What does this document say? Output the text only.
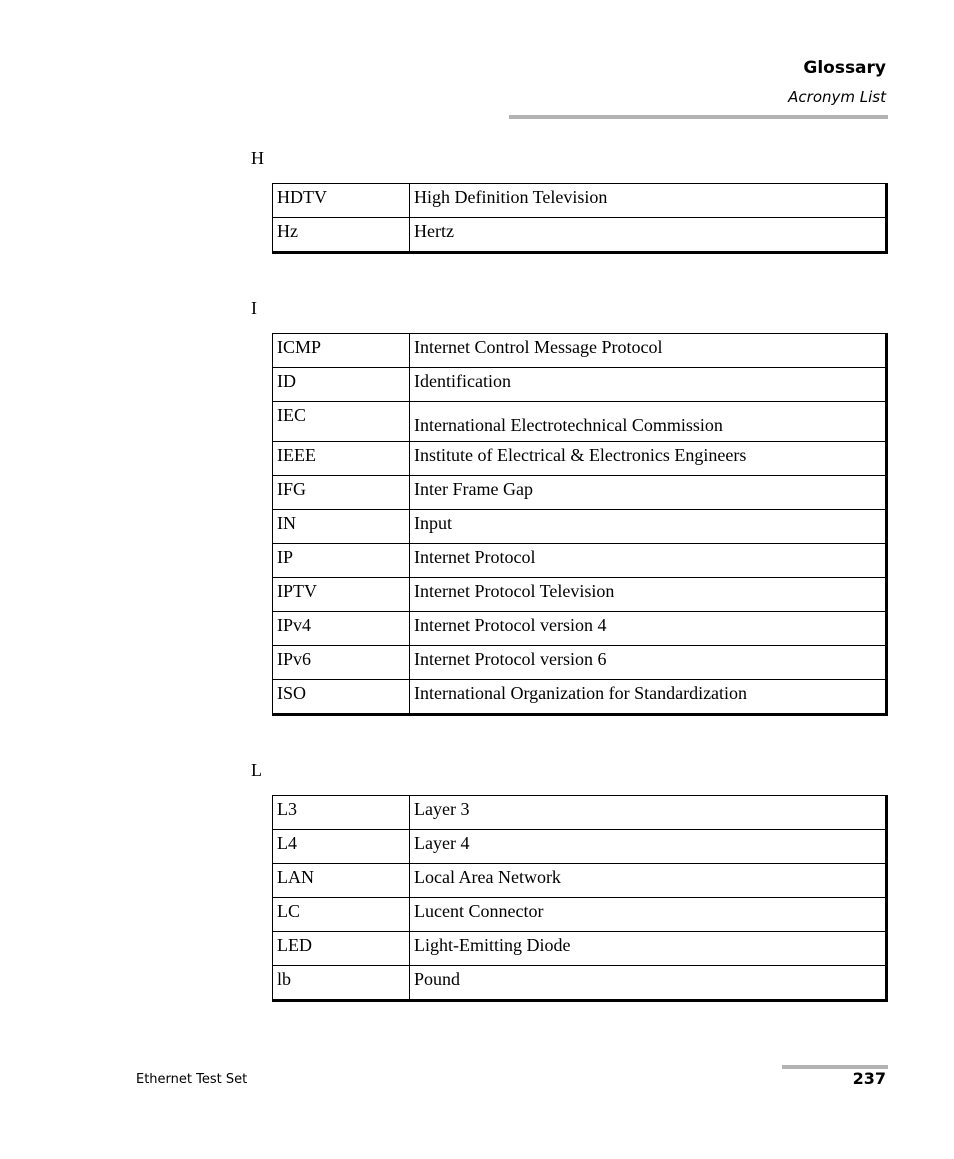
Glossary
Acronym List
H
HDTV	High Definition Television
Hz	Hertz
I
ICMP	Internet Control Message Protocol
ID	Identification
IEC	International Electrotechnical Commission
IEEE	Institute of Electrical & Electronics Engineers
IFG	Inter Frame Gap
IN	Input
IP	Internet Protocol
IPTV	Internet Protocol Television
IPv4	Internet Protocol version 4
IPv6	Internet Protocol version 6
ISO	International Organization for Standardization
L
L3	Layer 3
L4	Layer 4
LAN	Local Area Network
LC	Lucent Connector
LED	Light-Emitting Diode
lb	Pound
Ethernet Test Set	237
